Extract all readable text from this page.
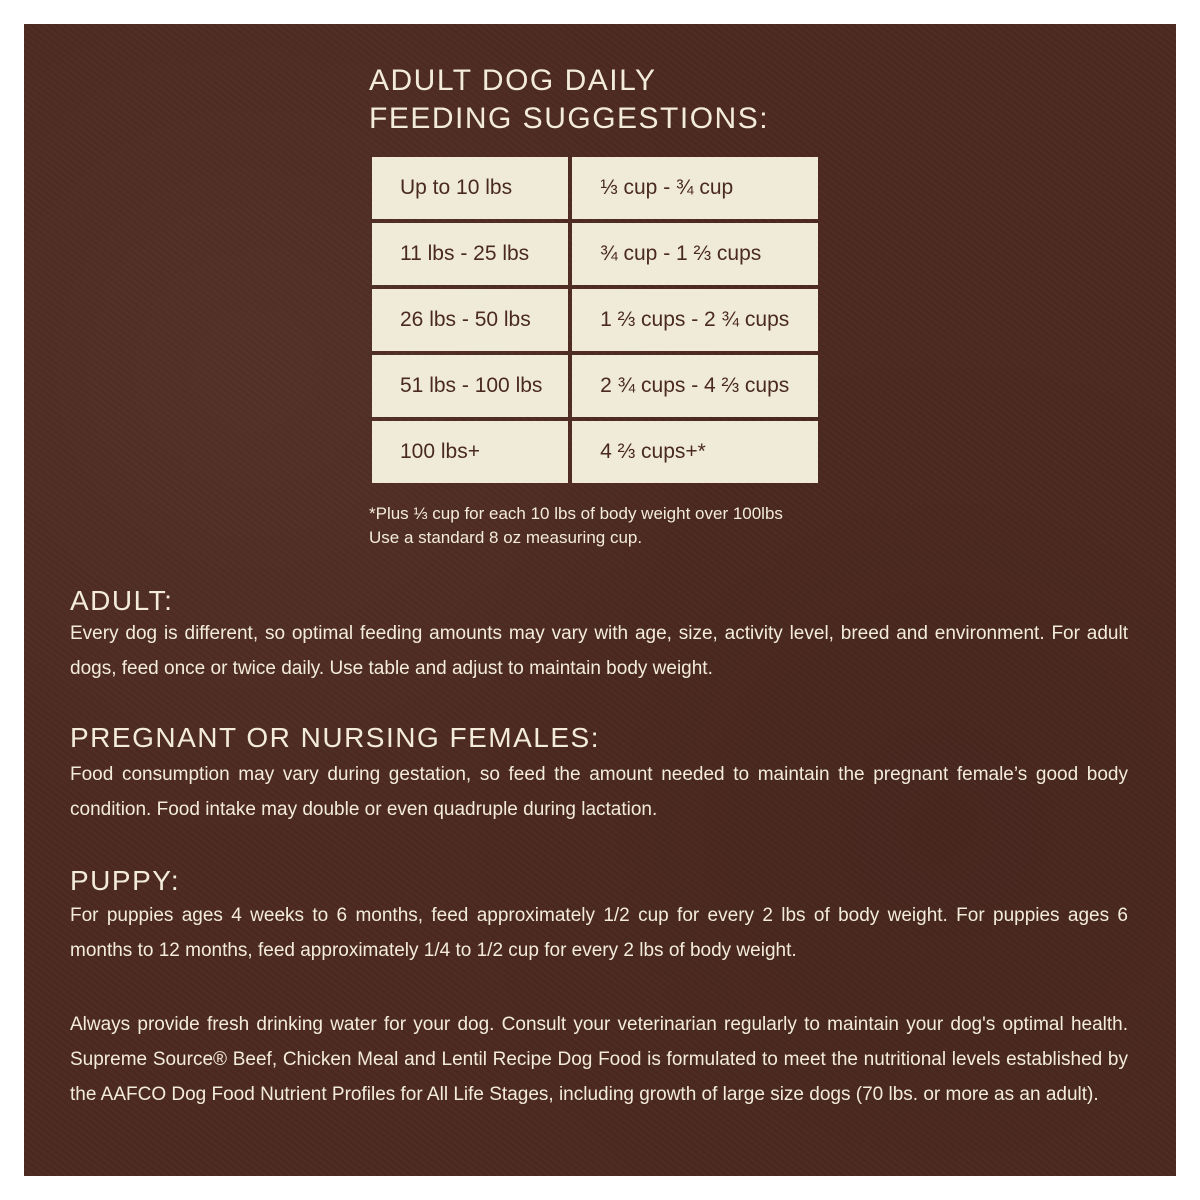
ADULT DOG DAILY
FEEDING SUGGESTIONS:
Up to 10 lbs	⅓ cup - ¾ cup
11 lbs - 25 lbs	¾ cup - 1 ⅔ cups
26 lbs - 50 lbs	1 ⅔ cups - 2 ¾ cups
51 lbs - 100 lbs	2 ¾ cups - 4 ⅔ cups
100 lbs+	4 ⅔ cups+*
*Plus ⅓ cup for each 10 lbs of body weight over 100lbs
Use a standard 8 oz measuring cup.
ADULT:

Every dog is different, so optimal feeding amounts may vary with age, size, activity level, breed and environment. For adult dogs, feed once or twice daily. Use table and adjust to maintain body weight.

PREGNANT OR NURSING FEMALES:

Food consumption may vary during gestation, so feed the amount needed to maintain the pregnant female’s good body condition. Food intake may double or even quadruple during lactation.

PUPPY:

For puppies ages 4 weeks to 6 months, feed approximately 1/2 cup for every 2 lbs of body weight. For puppies ages 6 months to 12 months, feed approximately 1/4 to 1/2 cup for every 2 lbs of body weight.

Always provide fresh drinking water for your dog. Consult your veterinarian regularly to maintain your dog's optimal health. Supreme Source® Beef, Chicken Meal and Lentil Recipe Dog Food is formulated to meet the nutritional levels established by the AAFCO Dog Food Nutrient Profiles for All Life Stages, including growth of large size dogs (70 lbs. or more as an adult).
